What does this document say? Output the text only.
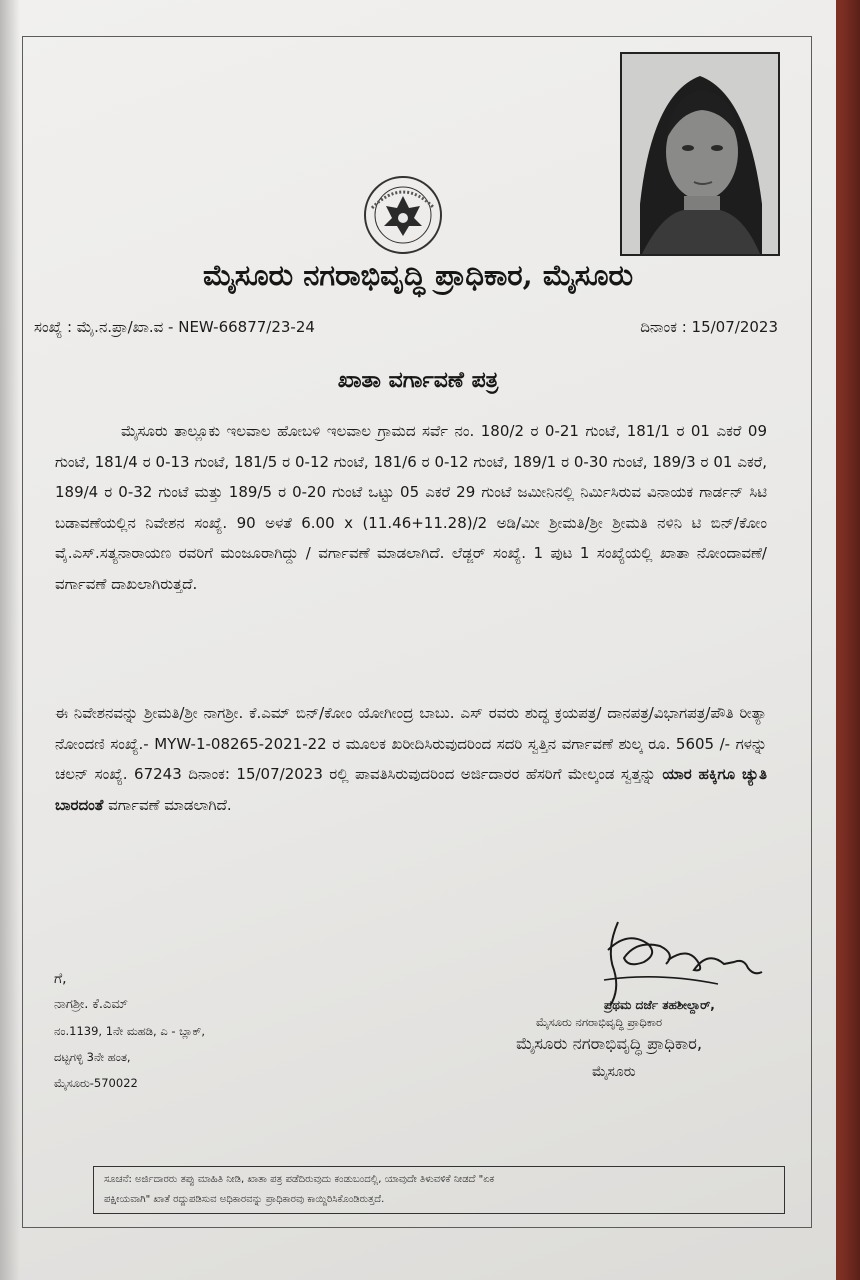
ಮೈಸೂರು ನಗರಾಭಿವೃದ್ಧಿ ಪ್ರಾಧಿಕಾರ, ಮೈಸೂರು
ಸಂಖ್ಯೆ : ಮೈ.ನ.ಪ್ರಾ/ಖಾ.ವ - NEW-66877/23-24	ದಿನಾಂಕ : 15/07/2023
ಖಾತಾ ವರ್ಗಾವಣೆ ಪತ್ರ

ಮೈಸೂರು ತಾಲ್ಲೂಕು ಇಲವಾಲ ಹೋಬಳಿ ಇಲವಾಲ ಗ್ರಾಮದ ಸರ್ವೆ ನಂ. 180/2 ರ 0-21 ಗುಂಟೆ, 181/1 ರ 01 ಎಕರೆ 09 ಗುಂಟೆ, 181/4 ರ 0-13 ಗುಂಟೆ, 181/5 ರ 0-12 ಗುಂಟೆ, 181/6 ರ 0-12 ಗುಂಟೆ, 189/1 ರ 0-30 ಗುಂಟೆ, 189/3 ರ 01 ಎಕರೆ, 189/4 ರ 0-32 ಗುಂಟೆ ಮತ್ತು 189/5 ರ 0-20 ಗುಂಟೆ ಒಟ್ಟು 05 ಎಕರೆ 29 ಗುಂಟೆ ಜಮೀನಿನಲ್ಲಿ ನಿರ್ಮಿಸಿರುವ ವಿನಾಯಕ ಗಾರ್ಡನ್ ಸಿಟಿ ಬಡಾವಣೆಯಲ್ಲಿನ ನಿವೇಶನ ಸಂಖ್ಯೆ. 90 ಅಳತೆ 6.00 x (11.46+11.28)/2 ಅಡಿ/ಮೀ ಶ್ರೀಮತಿ/ಶ್ರೀ ಶ್ರೀಮತಿ ನಳಿನಿ ಟಿ ಬಿನ್/ಕೋಂ ವೈ.ಎಸ್.ಸತ್ಯನಾರಾಯಣ ರವರಿಗೆ ಮಂಜೂರಾಗಿದ್ದು / ವರ್ಗಾವಣೆ ಮಾಡಲಾಗಿದೆ. ಲೆಡ್ಜರ್ ಸಂಖ್ಯೆ. 1 ಪುಟ 1 ಸಂಖ್ಯೆಯಲ್ಲಿ ಖಾತಾ ನೋಂದಾವಣೆ/ ವರ್ಗಾವಣೆ ದಾಖಲಾಗಿರುತ್ತದೆ.

ಈ ನಿವೇಶನವನ್ನು ಶ್ರೀಮತಿ/ಶ್ರೀ ನಾಗಶ್ರೀ. ಕೆ.ಎಮ್ ಬಿನ್/ಕೋಂ ಯೋಗೀಂದ್ರ ಬಾಬು. ಎಸ್ ರವರು ಶುದ್ಧ ಕ್ರಯಪತ್ರ/ ದಾನಪತ್ರ/ವಿಭಾಗಪತ್ರ/ಪೌತಿ ರೀತ್ಯಾ ನೋಂದಣಿ ಸಂಖ್ಯೆ.- MYW-1-08265-2021-22 ರ ಮೂಲಕ ಖರೀದಿಸಿರುವುದರಿಂದ ಸದರಿ ಸ್ವತ್ತಿನ ವರ್ಗಾವಣೆ ಶುಲ್ಕ ರೂ. 5605 /- ಗಳನ್ನು ಚಲನ್ ಸಂಖ್ಯೆ. 67243 ದಿನಾಂಕ: 15/07/2023 ರಲ್ಲಿ ಪಾವತಿಸಿರುವುದರಿಂದ ಅರ್ಜಿದಾರರ ಹೆಸರಿಗೆ ಮೇಲ್ಕಂಡ ಸ್ವತ್ತನ್ನು ಯಾರ ಹಕ್ಕಿಗೂ ಚ್ಯುತಿ ಬಾರದಂತೆ ವರ್ಗಾವಣೆ ಮಾಡಲಾಗಿದೆ.

ಗೆ,
ನಾಗಶ್ರೀ. ಕೆ.ಎಮ್
ನಂ.1139, 1ನೇ ಮಹಡಿ, ಎ - ಬ್ಲಾಕ್,
ದಟ್ಟಗಳ್ಳಿ 3ನೇ ಹಂತ,
ಮೈಸೂರು-570022
ಪ್ರಥಮ ದರ್ಜೆ ತಹಶೀಲ್ದಾರ್,
ಮೈಸೂರು ನಗರಾಭಿವೃದ್ಧಿ ಪ್ರಾಧಿಕಾರ
ಮೈಸೂರು ನಗರಾಭಿವೃದ್ಧಿ ಪ್ರಾಧಿಕಾರ,
ಮೈಸೂರು
ಸೂಚನೆ: ಅರ್ಜಿದಾರರು ತಪ್ಪು ಮಾಹಿತಿ ನೀಡಿ, ಖಾತಾ ಪತ್ರ ಪಡೆದಿರುವುದು ಕಂಡುಬಂದಲ್ಲಿ, ಯಾವುದೇ ತಿಳುವಳಿಕೆ ನೀಡದೆ "ಏಕ
ಪಕ್ಷೀಯವಾಗಿ" ಖಾತೆ ರದ್ದುಪಡಿಸುವ ಅಧಿಕಾರವನ್ನು ಪ್ರಾಧಿಕಾರವು ಕಾಯ್ದಿರಿಸಿಕೊಂಡಿರುತ್ತದೆ.
